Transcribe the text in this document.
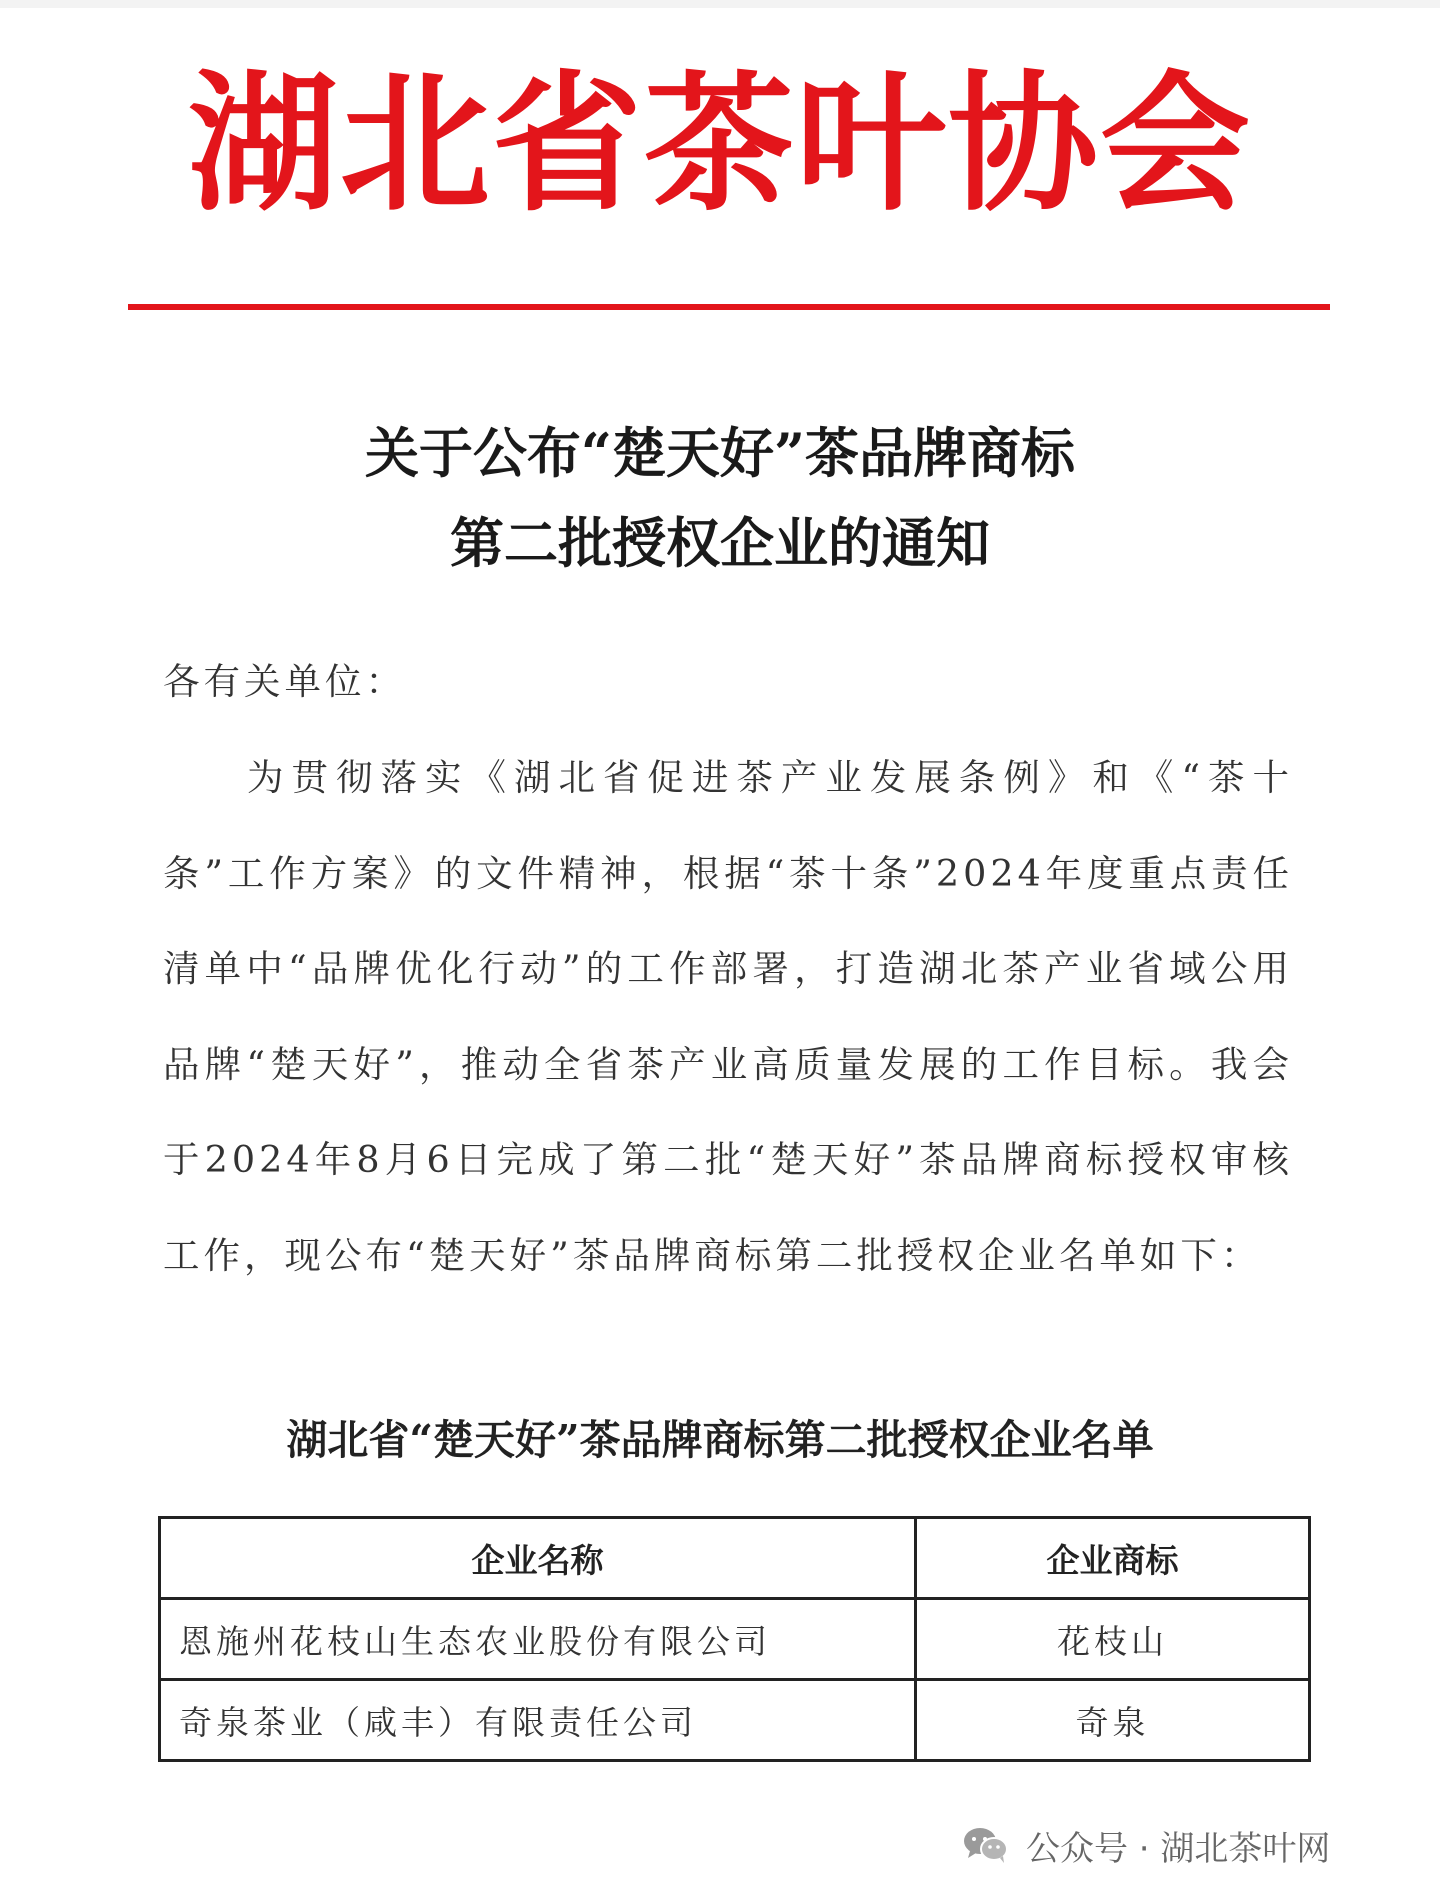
湖北省茶叶协会
关于公布“楚天好”茶品牌商标
第二批授权企业的通知
各有关单位：
为贯彻落实《湖北省促进茶产业发展条例》和《“茶十条”工作方案》的文件精神，根据“茶十条”2024年度重点责任清单中“品牌优化行动”的工作部署，打造湖北茶产业省域公用品牌“楚天好”，推动全省茶产业高质量发展的工作目标。我会于2024年8月6日完成了第二批“楚天好”茶品牌商标授权审核工作，现公布“楚天好”茶品牌商标第二批授权企业名单如下：
湖北省“楚天好”茶品牌商标第二批授权企业名单
企业名称	企业商标
恩施州花枝山生态农业股份有限公司	花枝山
奇泉茶业（咸丰）有限责任公司	奇泉
公众号 · 湖北茶叶网
